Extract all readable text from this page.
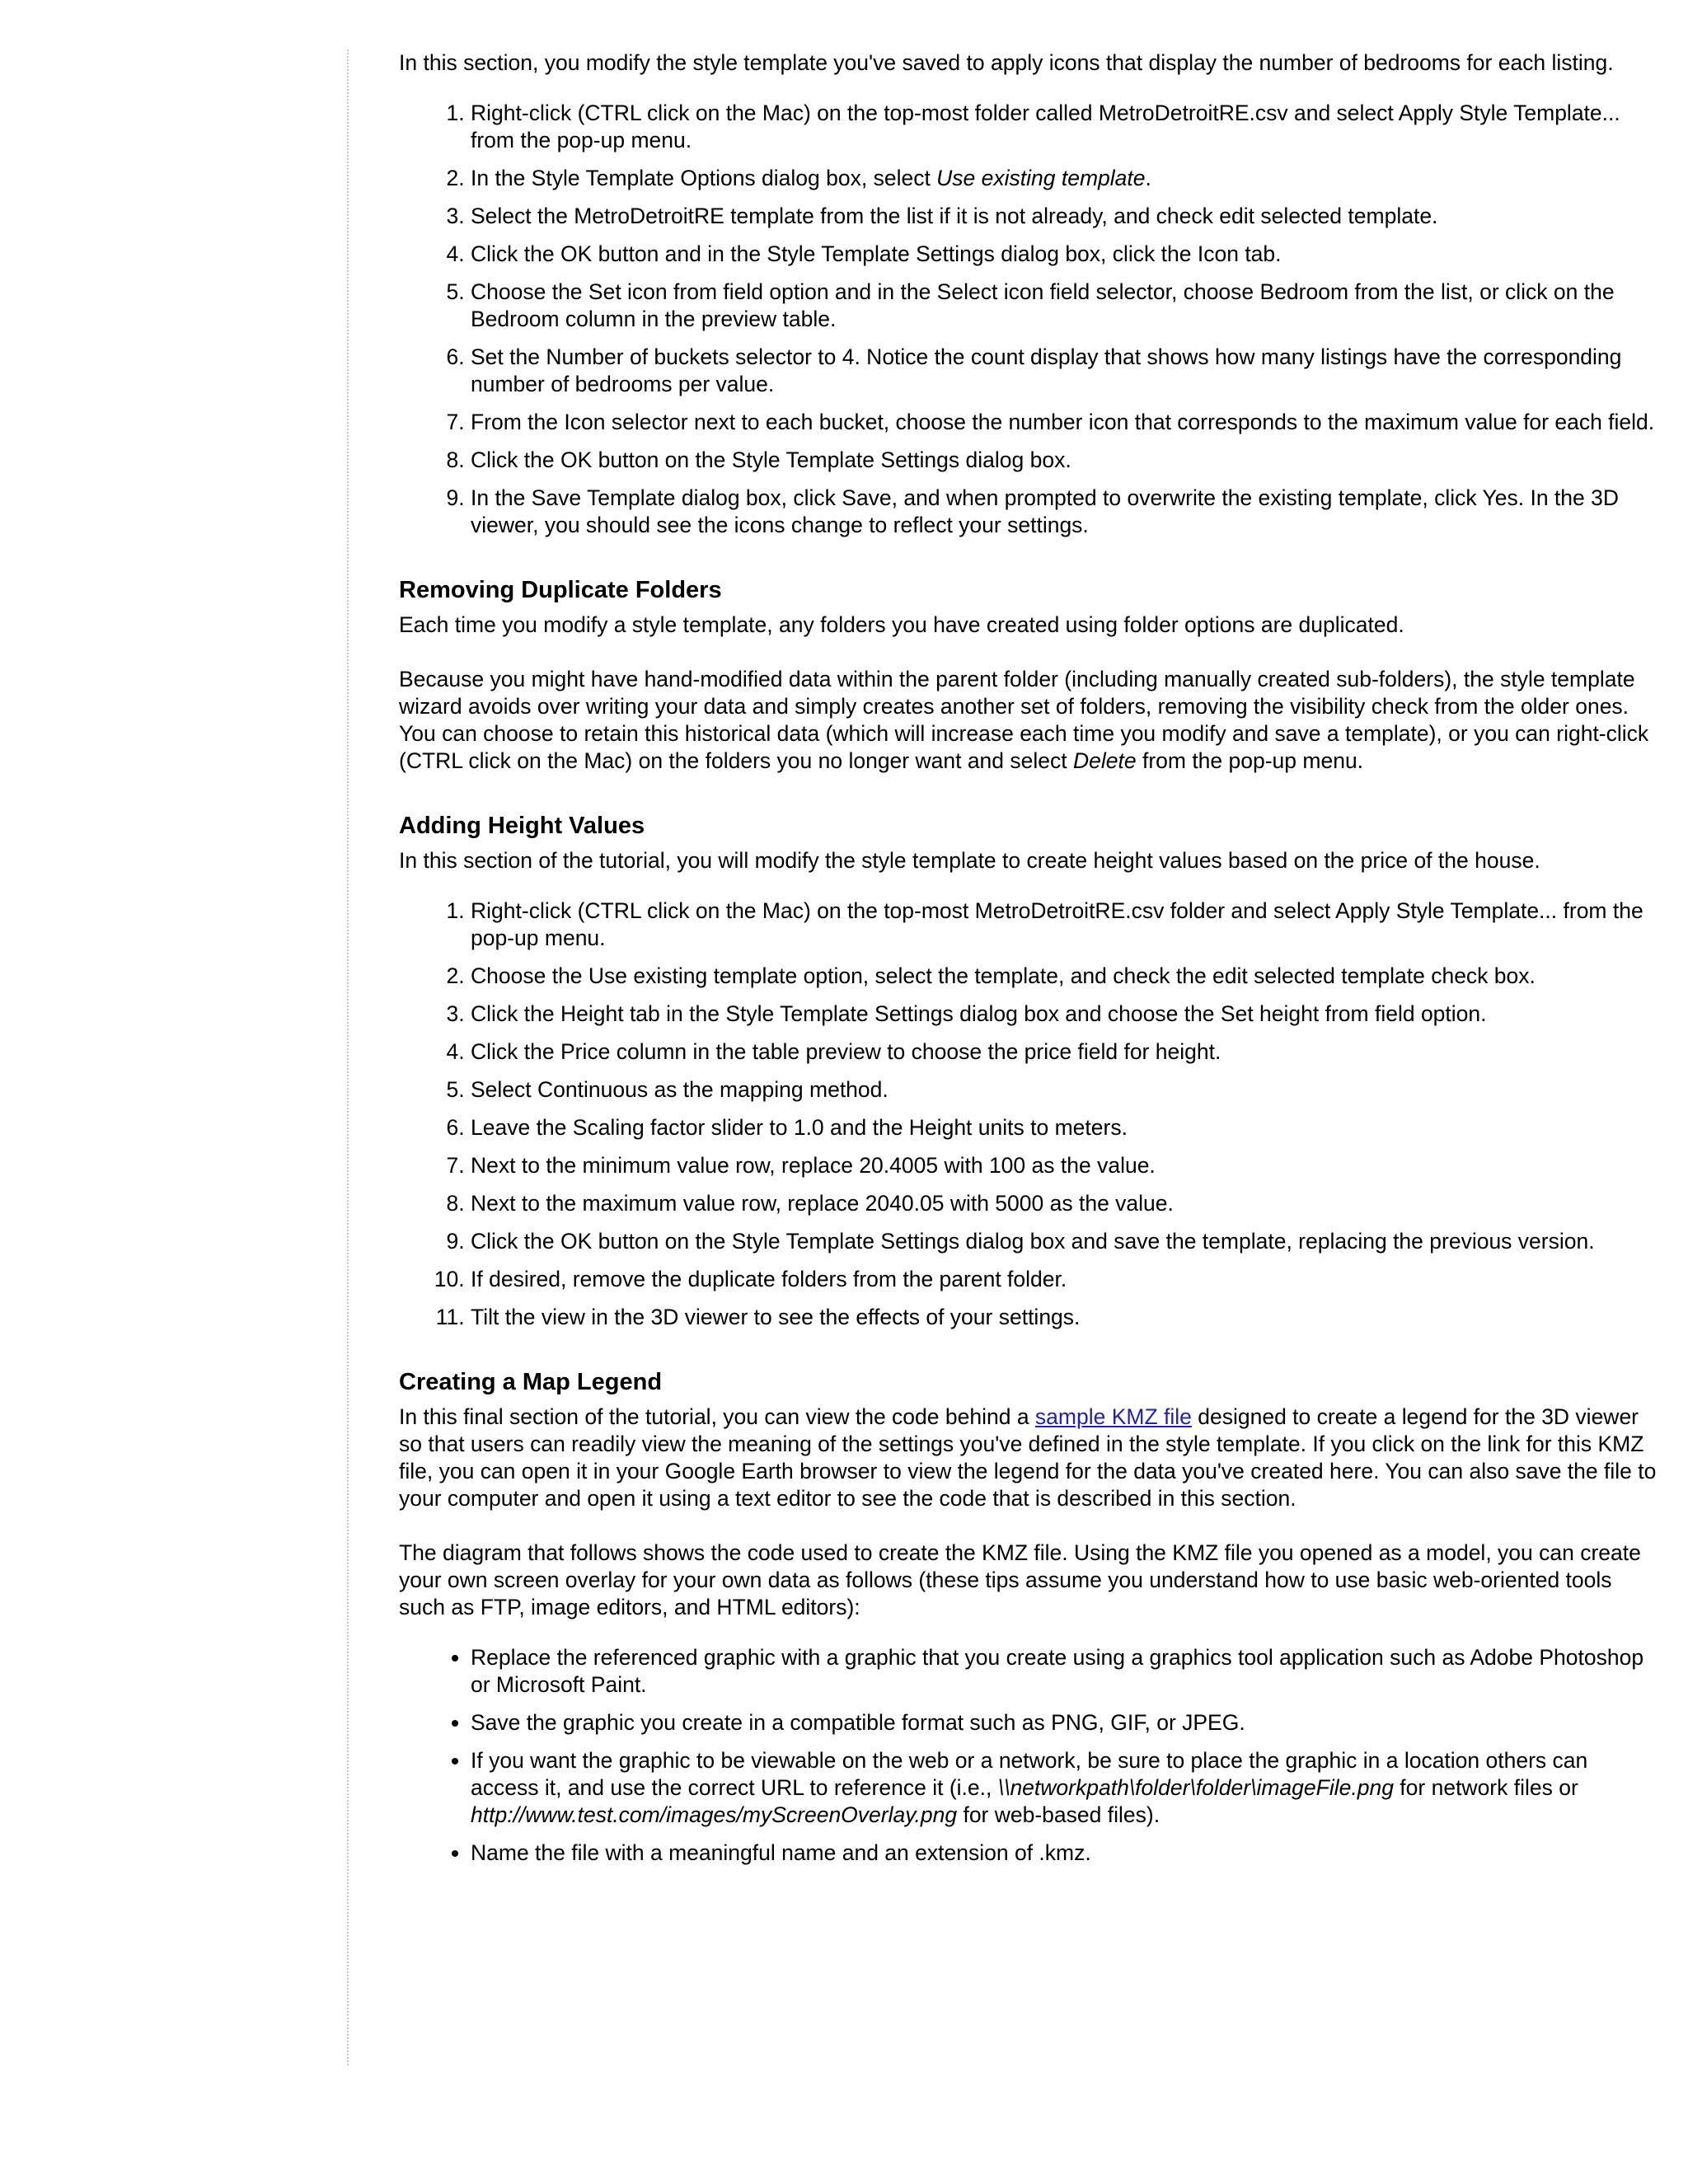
In this section, you modify the style template you've saved to apply icons that display the number of bedrooms for each listing.

1. Right-click (CTRL click on the Mac) on the top-most folder called MetroDetroitRE.csv and select Apply Style Template... from the pop-up menu.
2. In the Style Template Options dialog box, select Use existing template.
3. Select the MetroDetroitRE template from the list if it is not already, and check edit selected template.
4. Click the OK button and in the Style Template Settings dialog box, click the Icon tab.
5. Choose the Set icon from field option and in the Select icon field selector, choose Bedroom from the list, or click on the Bedroom column in the preview table.
6. Set the Number of buckets selector to 4. Notice the count display that shows how many listings have the corresponding number of bedrooms per value.
7. From the Icon selector next to each bucket, choose the number icon that corresponds to the maximum value for each field.
8. Click the OK button on the Style Template Settings dialog box.
9. In the Save Template dialog box, click Save, and when prompted to overwrite the existing template, click Yes. In the 3D viewer, you should see the icons change to reflect your settings.
Removing Duplicate Folders

Each time you modify a style template, any folders you have created using folder options are duplicated.

Because you might have hand-modified data within the parent folder (including manually created sub-folders), the style template wizard avoids over writing your data and simply creates another set of folders, removing the visibility check from the older ones. You can choose to retain this historical data (which will increase each time you modify and save a template), or you can right-click (CTRL click on the Mac) on the folders you no longer want and select Delete from the pop-up menu.

Adding Height Values

In this section of the tutorial, you will modify the style template to create height values based on the price of the house.

1. Right-click (CTRL click on the Mac) on the top-most MetroDetroitRE.csv folder and select Apply Style Template... from the pop-up menu.
2. Choose the Use existing template option, select the template, and check the edit selected template check box.
3. Click the Height tab in the Style Template Settings dialog box and choose the Set height from field option.
4. Click the Price column in the table preview to choose the price field for height.
5. Select Continuous as the mapping method.
6. Leave the Scaling factor slider to 1.0 and the Height units to meters.
7. Next to the minimum value row, replace 20.4005 with 100 as the value.
8. Next to the maximum value row, replace 2040.05 with 5000 as the value.
9. Click the OK button on the Style Template Settings dialog box and save the template, replacing the previous version.
10. If desired, remove the duplicate folders from the parent folder.
11. Tilt the view in the 3D viewer to see the effects of your settings.
Creating a Map Legend

In this final section of the tutorial, you can view the code behind a sample KMZ file designed to create a legend for the 3D viewer so that users can readily view the meaning of the settings you've defined in the style template. If you click on the link for this KMZ file, you can open it in your Google Earth browser to view the legend for the data you've created here. You can also save the file to your computer and open it using a text editor to see the code that is described in this section.

The diagram that follows shows the code used to create the KMZ file. Using the KMZ file you opened as a model, you can create your own screen overlay for your own data as follows (these tips assume you understand how to use basic web-oriented tools such as FTP, image editors, and HTML editors):

• Replace the referenced graphic with a graphic that you create using a graphics tool application such as Adobe Photoshop or Microsoft Paint.
• Save the graphic you create in a compatible format such as PNG, GIF, or JPEG.
• If you want the graphic to be viewable on the web or a network, be sure to place the graphic in a location others can access it, and use the correct URL to reference it (i.e., \\networkpath\folder\folder\imageFile.png for network files or http://www.test.com/images/myScreenOverlay.png for web-based files).
• Name the file with a meaningful name and an extension of .kmz.
